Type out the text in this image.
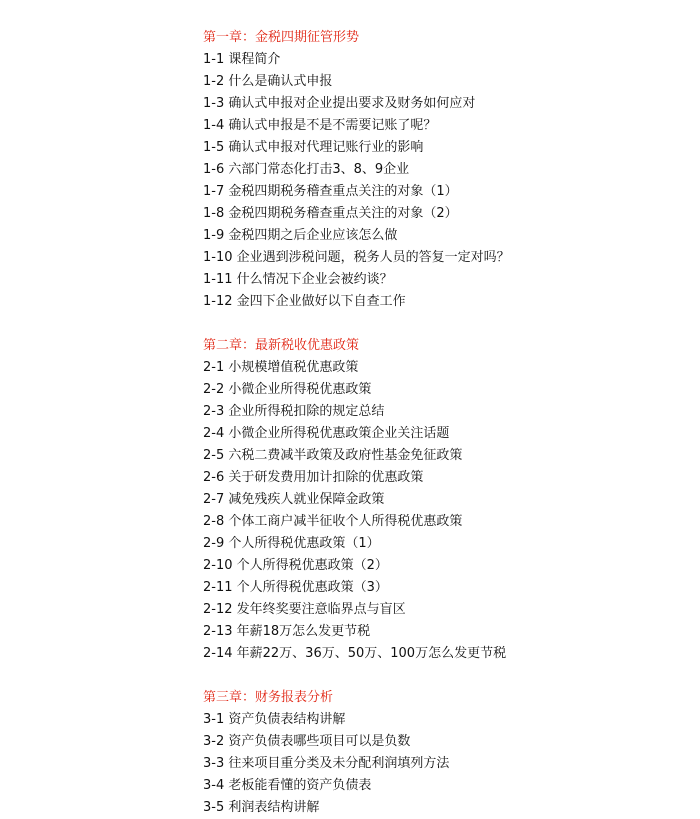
第一章：金税四期征管形势
1-1 课程简介
1-2 什么是确认式申报
1-3 确认式申报对企业提出要求及财务如何应对
1-4 确认式申报是不是不需要记账了呢？
1-5 确认式申报对代理记账行业的影响
1-6 六部门常态化打击3、8、9企业
1-7 金税四期税务稽查重点关注的对象（1）
1-8 金税四期税务稽查重点关注的对象（2）
1-9 金税四期之后企业应该怎么做
1-10 企业遇到涉税问题，税务人员的答复一定对吗？
1-11 什么情况下企业会被约谈？
1-12 金四下企业做好以下自查工作
第二章：最新税收优惠政策
2-1 小规模增值税优惠政策
2-2 小微企业所得税优惠政策
2-3 企业所得税扣除的规定总结
2-4 小微企业所得税优惠政策企业关注话题
2-5 六税二费减半政策及政府性基金免征政策
2-6 关于研发费用加计扣除的优惠政策
2-7 减免残疾人就业保障金政策
2-8 个体工商户减半征收个人所得税优惠政策
2-9 个人所得税优惠政策（1）
2-10 个人所得税优惠政策（2）
2-11 个人所得税优惠政策（3）
2-12 发年终奖要注意临界点与盲区
2-13 年薪18万怎么发更节税
2-14 年薪22万、36万、50万、100万怎么发更节税
第三章：财务报表分析
3-1 资产负债表结构讲解
3-2 资产负债表哪些项目可以是负数
3-3 往来项目重分类及未分配利润填列方法
3-4 老板能看懂的资产负债表
3-5 利润表结构讲解
